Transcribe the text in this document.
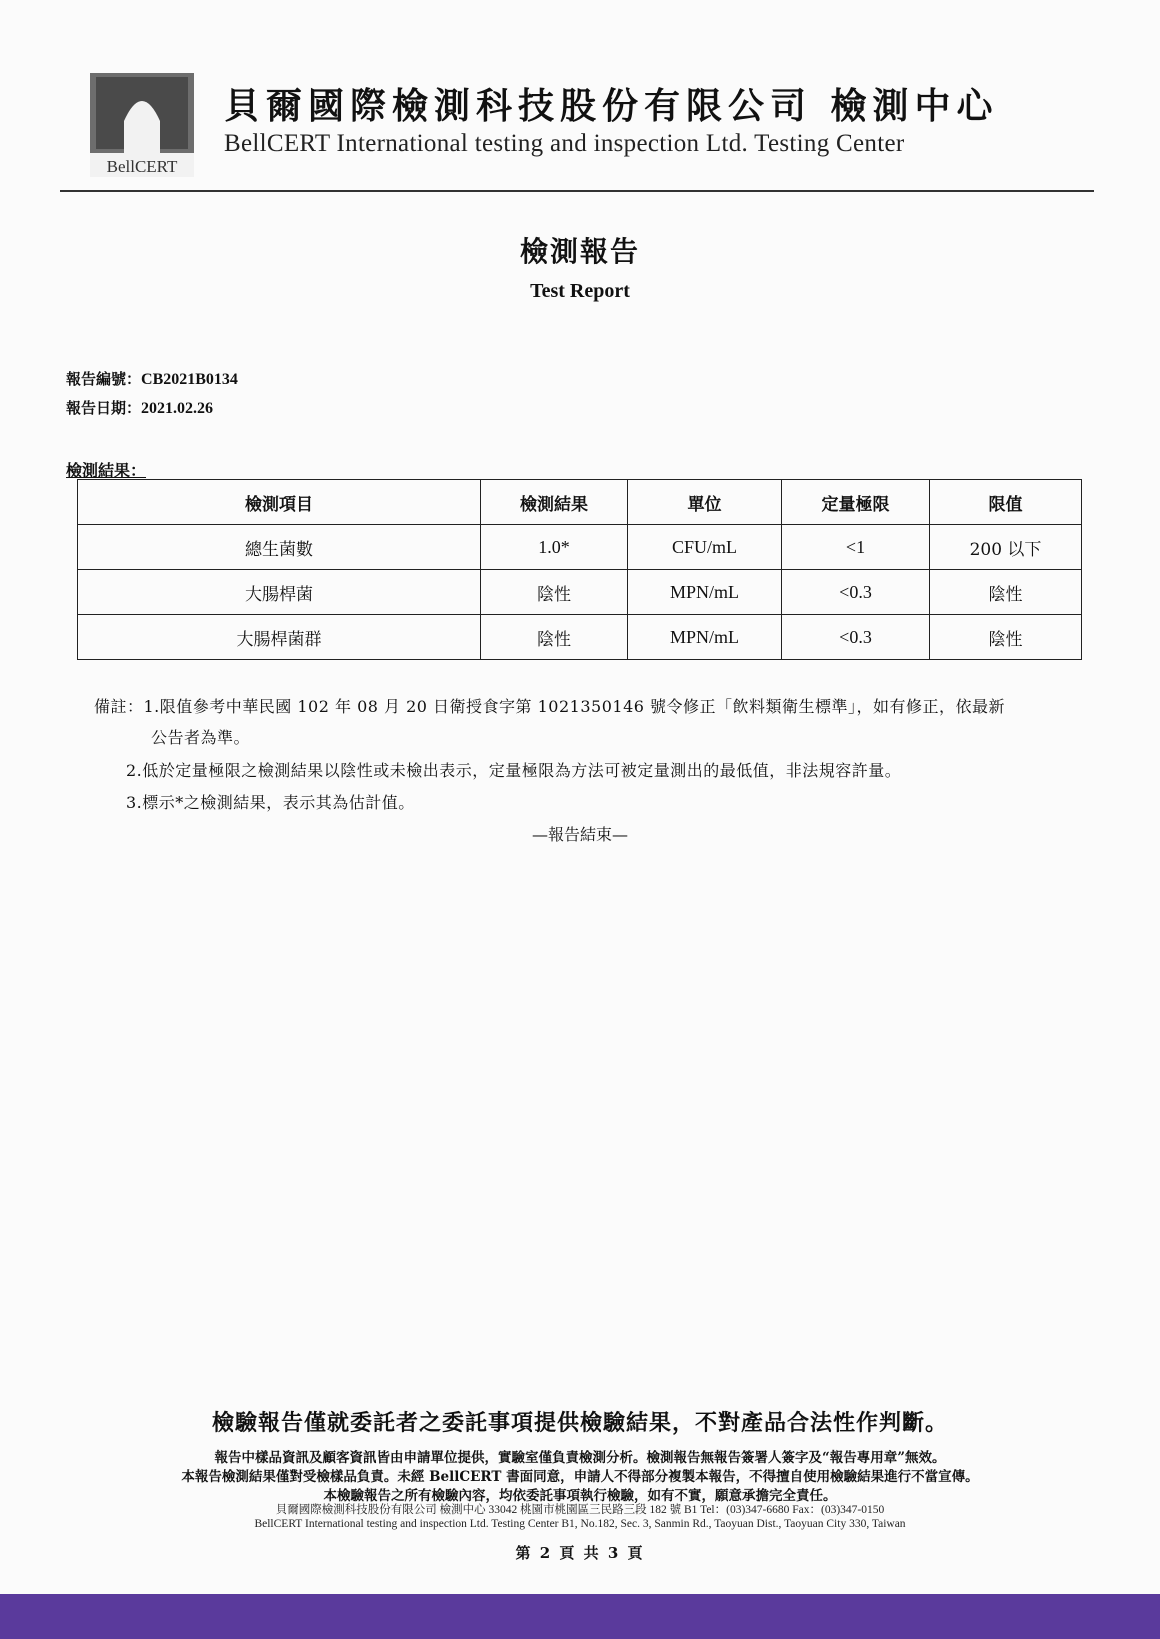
BellCERT
貝爾國際檢測科技股份有限公司 檢測中心
BellCERT International testing and inspection Ltd. Testing Center
檢測報告
Test Report
報告編號：CB2021B0134
報告日期：2021.02.26
檢測結果：
檢測項目	檢測結果	單位	定量極限	限值
總生菌數	1.0*	CFU/mL	<1	200 以下
大腸桿菌	陰性	MPN/mL	<0.3	陰性
大腸桿菌群	陰性	MPN/mL	<0.3	陰性
備註：1.限值參考中華民國 102 年 08 月 20 日衛授食字第 1021350146 號令修正「飲料類衛生標準」，如有修正，依最新
公告者為準。
2.低於定量極限之檢測結果以陰性或未檢出表示，定量極限為方法可被定量測出的最低值，非法規容許量。
3.標示*之檢測結果，表示其為估計值。
—報告結束—
檢驗報告僅就委託者之委託事項提供檢驗結果，不對產品合法性作判斷。
報告中樣品資訊及顧客資訊皆由申請單位提供，實驗室僅負責檢測分析。檢測報告無報告簽署人簽字及“報告專用章”無效。
本報告檢測結果僅對受檢樣品負責。未經 BellCERT 書面同意，申請人不得部分複製本報告，不得擅自使用檢驗結果進行不當宣傳。
本檢驗報告之所有檢驗內容，均依委託事項執行檢驗，如有不實，願意承擔完全責任。
貝爾國際檢測科技股份有限公司 檢測中心 33042 桃園市桃園區三民路三段 182 號 B1 Tel：(03)347-6680 Fax：(03)347-0150
BellCERT International testing and inspection Ltd. Testing Center B1, No.182, Sec. 3, Sanmin Rd., Taoyuan Dist., Taoyuan City 330, Taiwan
第 2 頁 共 3 頁
